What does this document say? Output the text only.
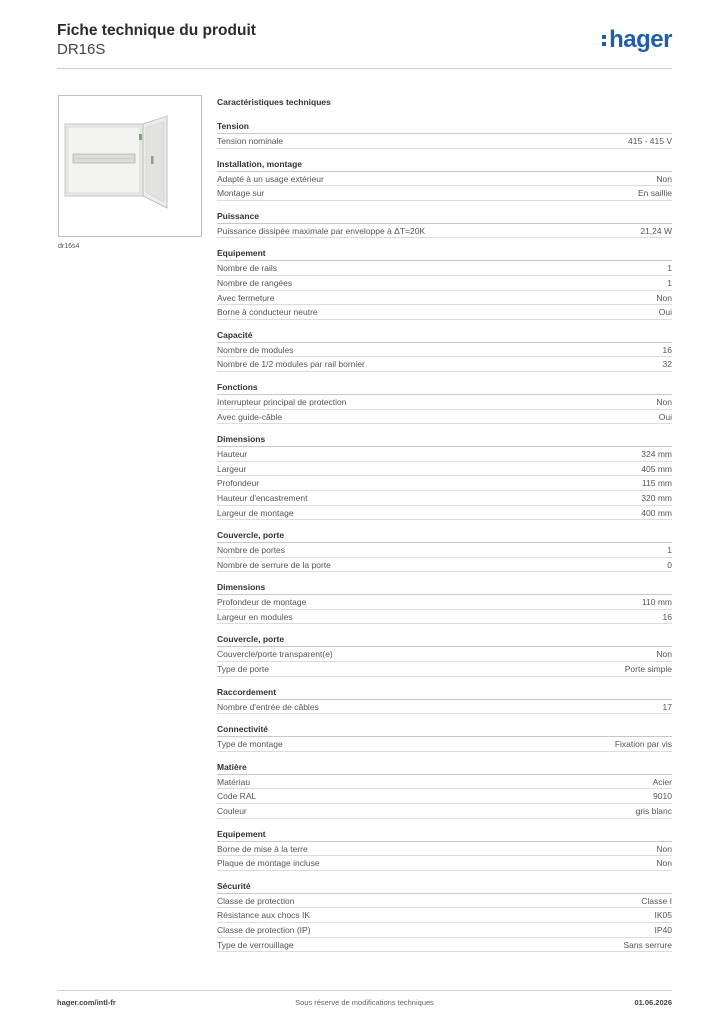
Fiche technique du produit
DR16S	hager
dr16s4
Caractéristiques techniques
Tension
Tension nominale	415 - 415 V
Installation, montage
Adapté à un usage extérieur	Non
Montage sur	En saillie
Puissance
Puissance dissipée maximale par enveloppe à ΔT=20K	21,24 W
Equipement
Nombre de rails	1
Nombre de rangées	1
Avec fermeture	Non
Borne à conducteur neutre	Oui
Capacité
Nombre de modules	16
Nombre de 1/2 modules par rail bornier	32
Fonctions
Interrupteur principal de protection	Non
Avec guide-câble	Oui
Dimensions
Hauteur	324 mm
Largeur	405 mm
Profondeur	115 mm
Hauteur d'encastrement	320 mm
Largeur de montage	400 mm
Couvercle, porte
Nombre de portes	1
Nombre de serrure de la porte	0
Dimensions
Profondeur de montage	110 mm
Largeur en modules	16
Couvercle, porte
Couvercle/porte transparent(e)	Non
Type de porte	Porte simple
Raccordement
Nombre d'entrée de câbles	17
Connectivité
Type de montage	Fixation par vis
Matière
Matériau	Acier
Code RAL	9010
Couleur	gris blanc
Equipement
Borne de mise à la terre	Non
Plaque de montage incluse	Non
Sécurité
Classe de protection	Classe I
Résistance aux chocs IK	IK05
Classe de protection (IP)	IP40
Type de verrouillage	Sans serrure
hager.com/intl-fr	Sous réserve de modifications techniques	01.06.2026
